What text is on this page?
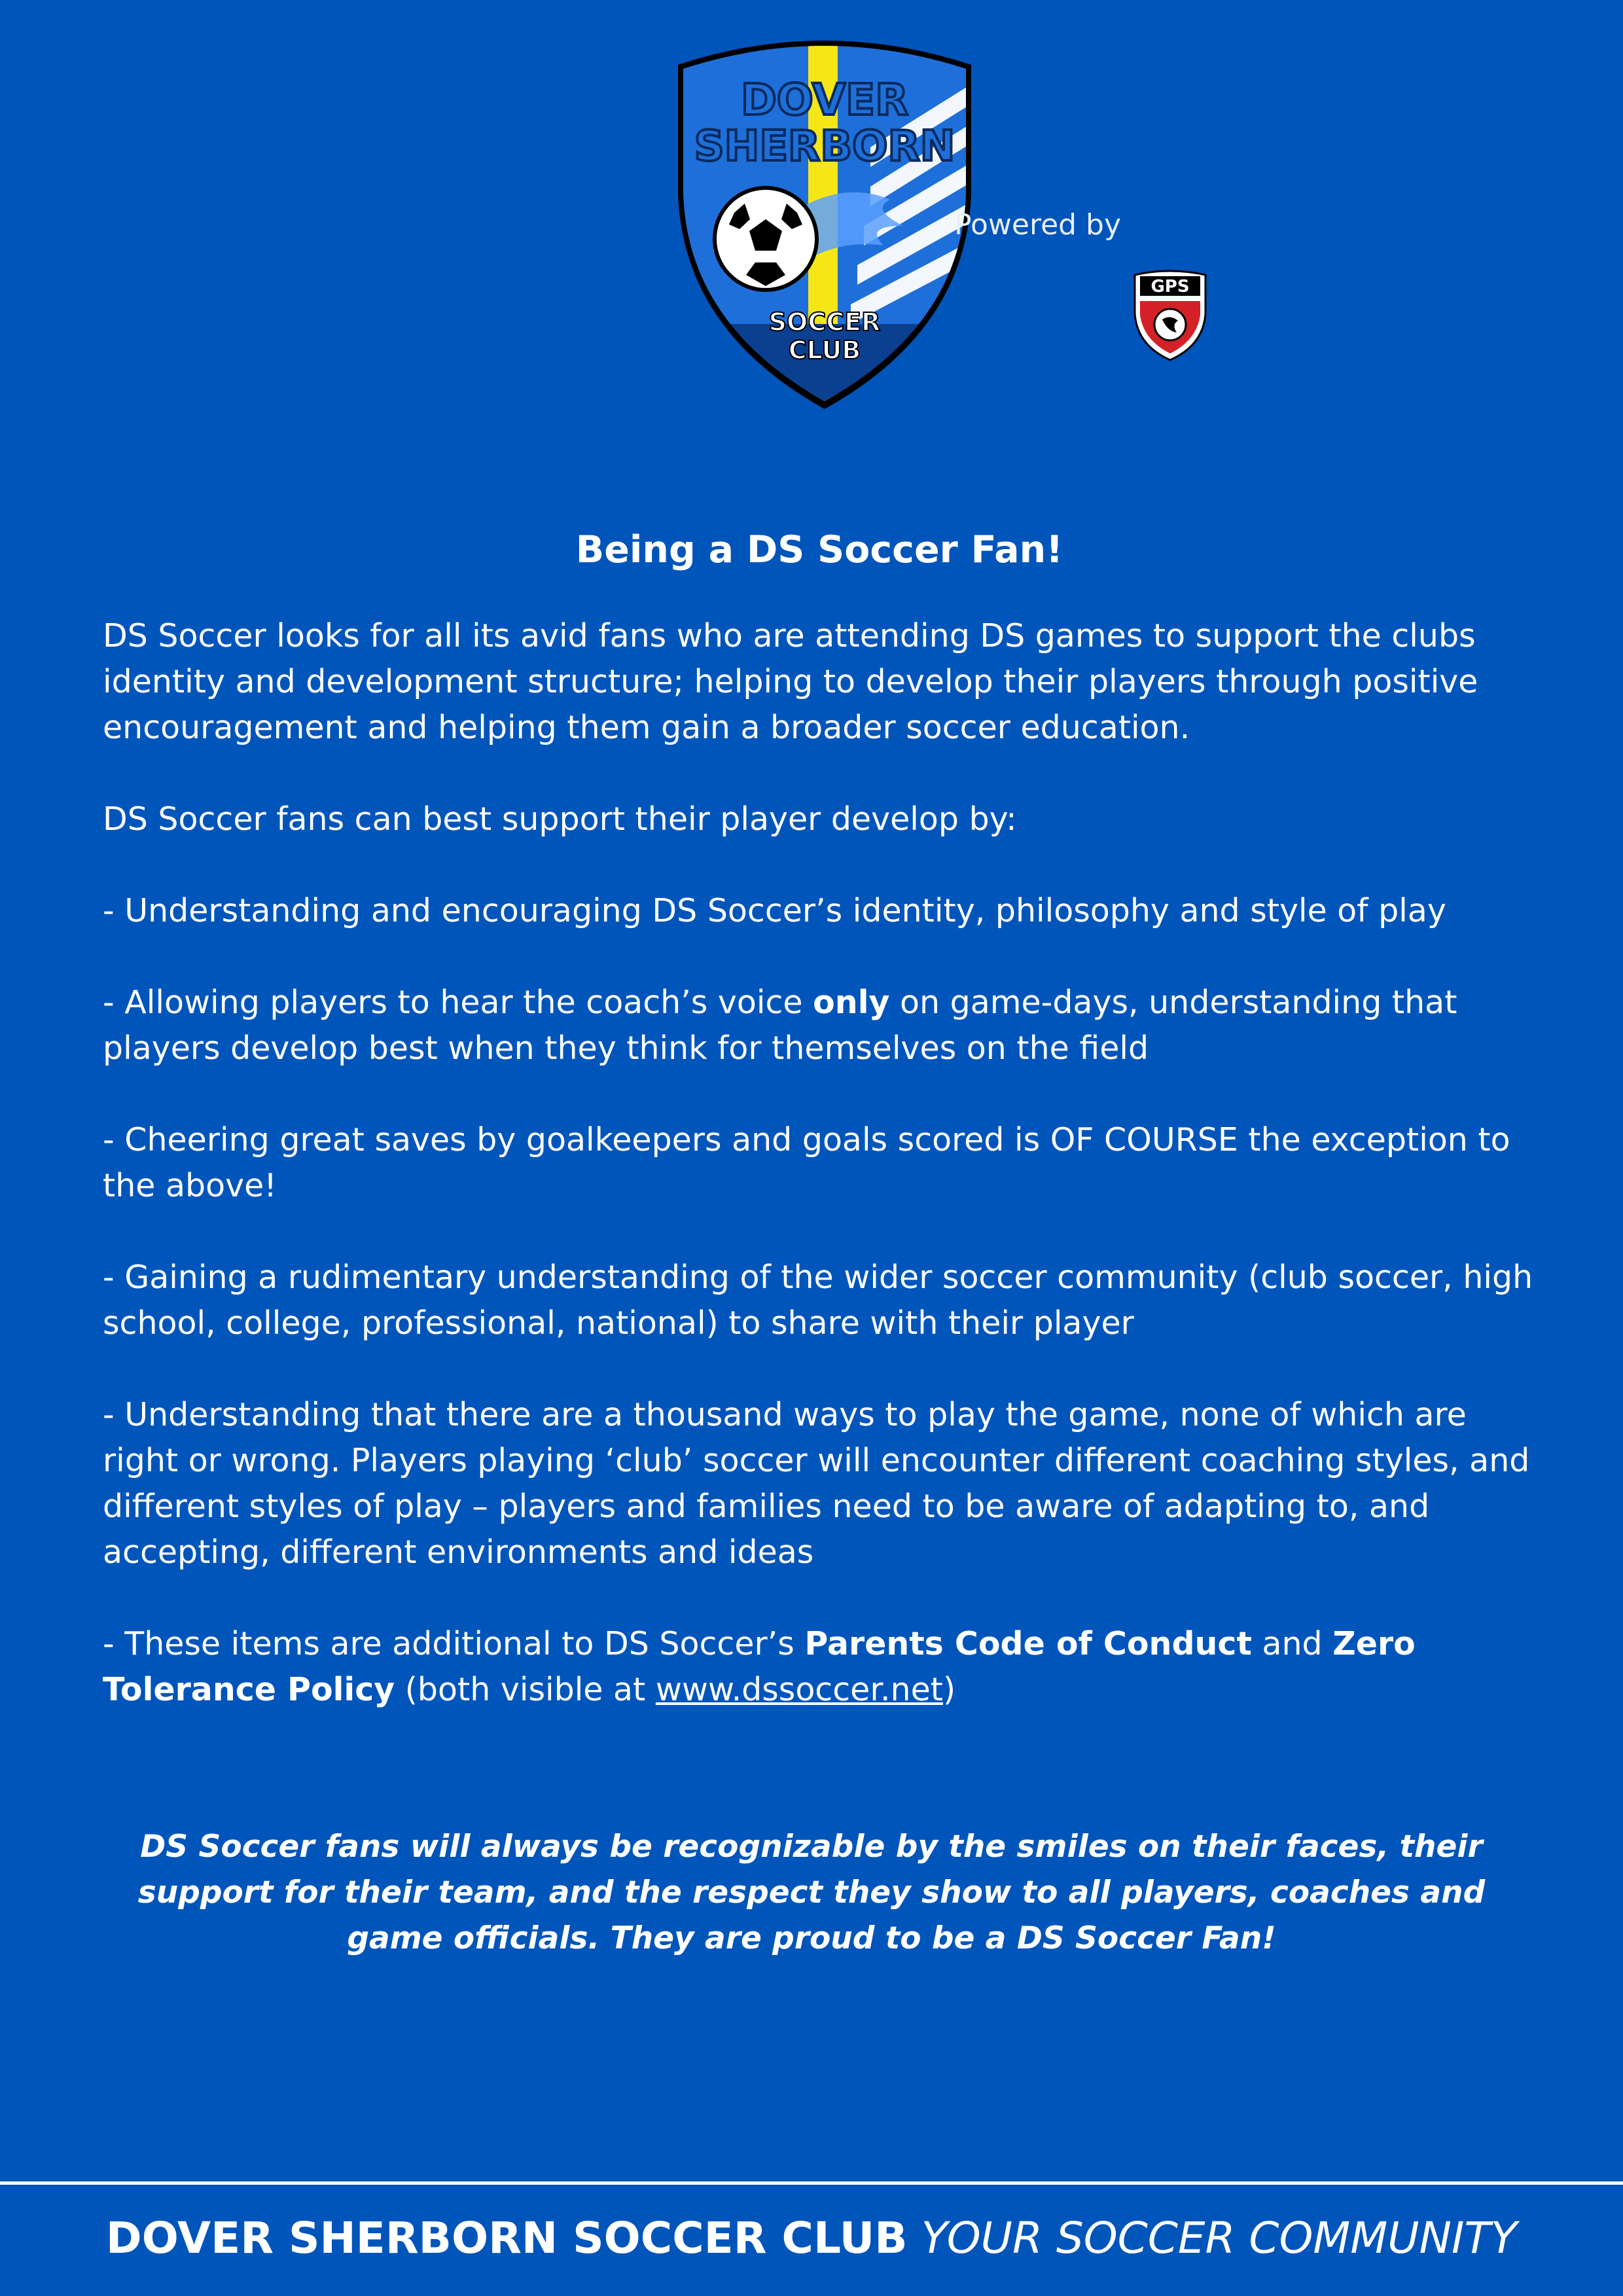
DOVER
SHERBORN
SOCCER
CLUB
Powered by
GPS
Being a DS Soccer Fan!

DS Soccer looks for all its avid fans who are attending DS games to support the clubs identity and development structure; helping to develop their players through positive encouragement and helping them gain a broader soccer education.

DS Soccer fans can best support their player develop by:

- Understanding and encouraging DS Soccer’s identity, philosophy and style of play

- Allowing players to hear the coach’s voice only on game-days, understanding that players develop best when they think for themselves on the field

- Cheering great saves by goalkeepers and goals scored is OF COURSE the exception to the above!

- Gaining a rudimentary understanding of the wider soccer community (club soccer, high school, college, professional, national) to share with their player

- Understanding that there are a thousand ways to play the game, none of which are right or wrong. Players playing ‘club’ soccer will encounter different coaching styles, and different styles of play – players and families need to be aware of adapting to, and accepting, different environments and ideas

- These items are additional to DS Soccer’s Parents Code of Conduct and Zero Tolerance Policy (both visible at www.dssoccer.net)

DS Soccer fans will always be recognizable by the smiles on their faces, their support for their team, and the respect they show to all players, coaches and game officials. They are proud to be a DS Soccer Fan!
DOVER SHERBORN SOCCER CLUB YOUR SOCCER COMMUNITY
